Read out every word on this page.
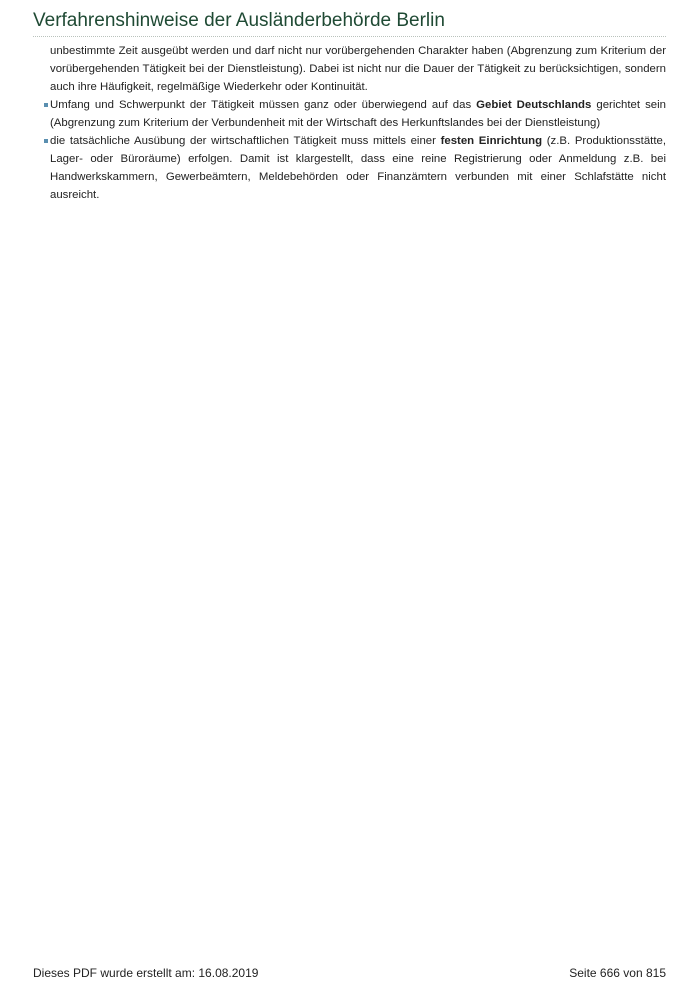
Verfahrenshinweise der Ausländerbehörde Berlin

unbestimmte Zeit ausgeübt werden und darf nicht nur vorübergehenden Charakter haben (Abgrenzung zum Kriterium der vorübergehenden Tätigkeit bei der Dienstleistung). Dabei ist nicht nur die Dauer der Tätigkeit zu berücksichtigen, sondern auch ihre Häufigkeit, regelmäßige Wiederkehr oder Kontinuität.

Umfang und Schwerpunkt der Tätigkeit müssen ganz oder überwiegend auf das Gebiet Deutschlands gerichtet sein (Abgrenzung zum Kriterium der Verbundenheit mit der Wirtschaft des Herkunftslandes bei der Dienstleistung)
die tatsächliche Ausübung der wirtschaftlichen Tätigkeit muss mittels einer festen Einrichtung (z.B. Produktionsstätte, Lager- oder Büroräume) erfolgen. Damit ist klargestellt, dass eine reine Registrierung oder Anmeldung z.B. bei Handwerkskammern, Gewerbeämtern, Meldebehörden oder Finanzämtern verbunden mit einer Schlafstätte nicht ausreicht.
Dieses PDF wurde erstellt am: 16.08.2019	Seite 666 von 815
